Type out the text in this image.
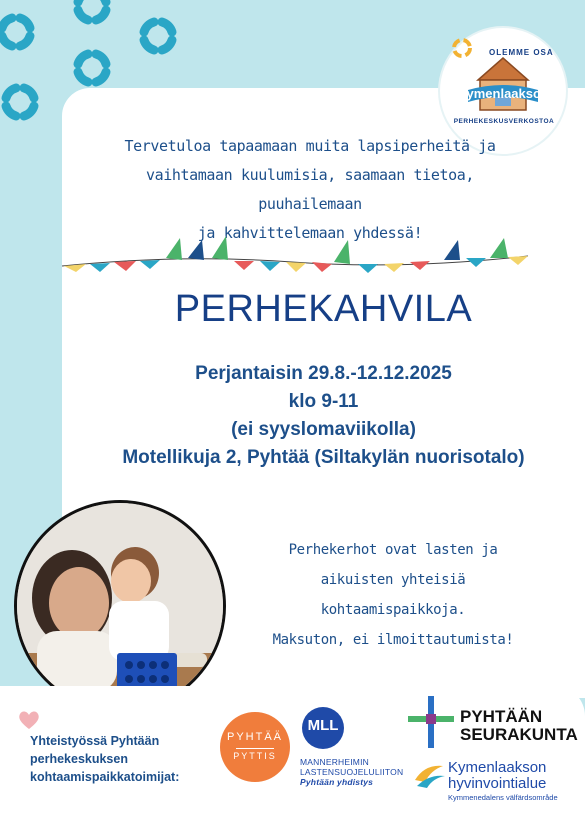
OLEMME OSA
Kymenlaakson
PERHEKESKUSVERKOSTOA
Tervetuloa tapaamaan muita lapsiperheitä ja
vaihtamaan kuulumisia, saamaan tietoa, puuhailemaan
ja kahvittelemaan yhdessä!
PERHEKAHVILA
Perjantaisin 29.8.-12.12.2025
klo 9-11
(ei syyslomaviikolla)
Motellikuja 2, Pyhtää (Siltakylän nuorisotalo)
Perhekerhot ovat lasten ja
aikuisten yhteisiä
kohtaamispaikkoja.
Maksuton, ei ilmoittautumista!
Yhteistyössä Pyhtään
perhekeskuksen
kohtaamispaikkatoimijat:
PYHTÄÄ
PYTTIS
MLL
MANNERHEIMIN
LASTENSUOJELULIITON
Pyhtään yhdistys
PYHTÄÄN
SEURAKUNTA
Kymenlaakson
hyvinvointialue
Kymmenedalens välfärdsområde
